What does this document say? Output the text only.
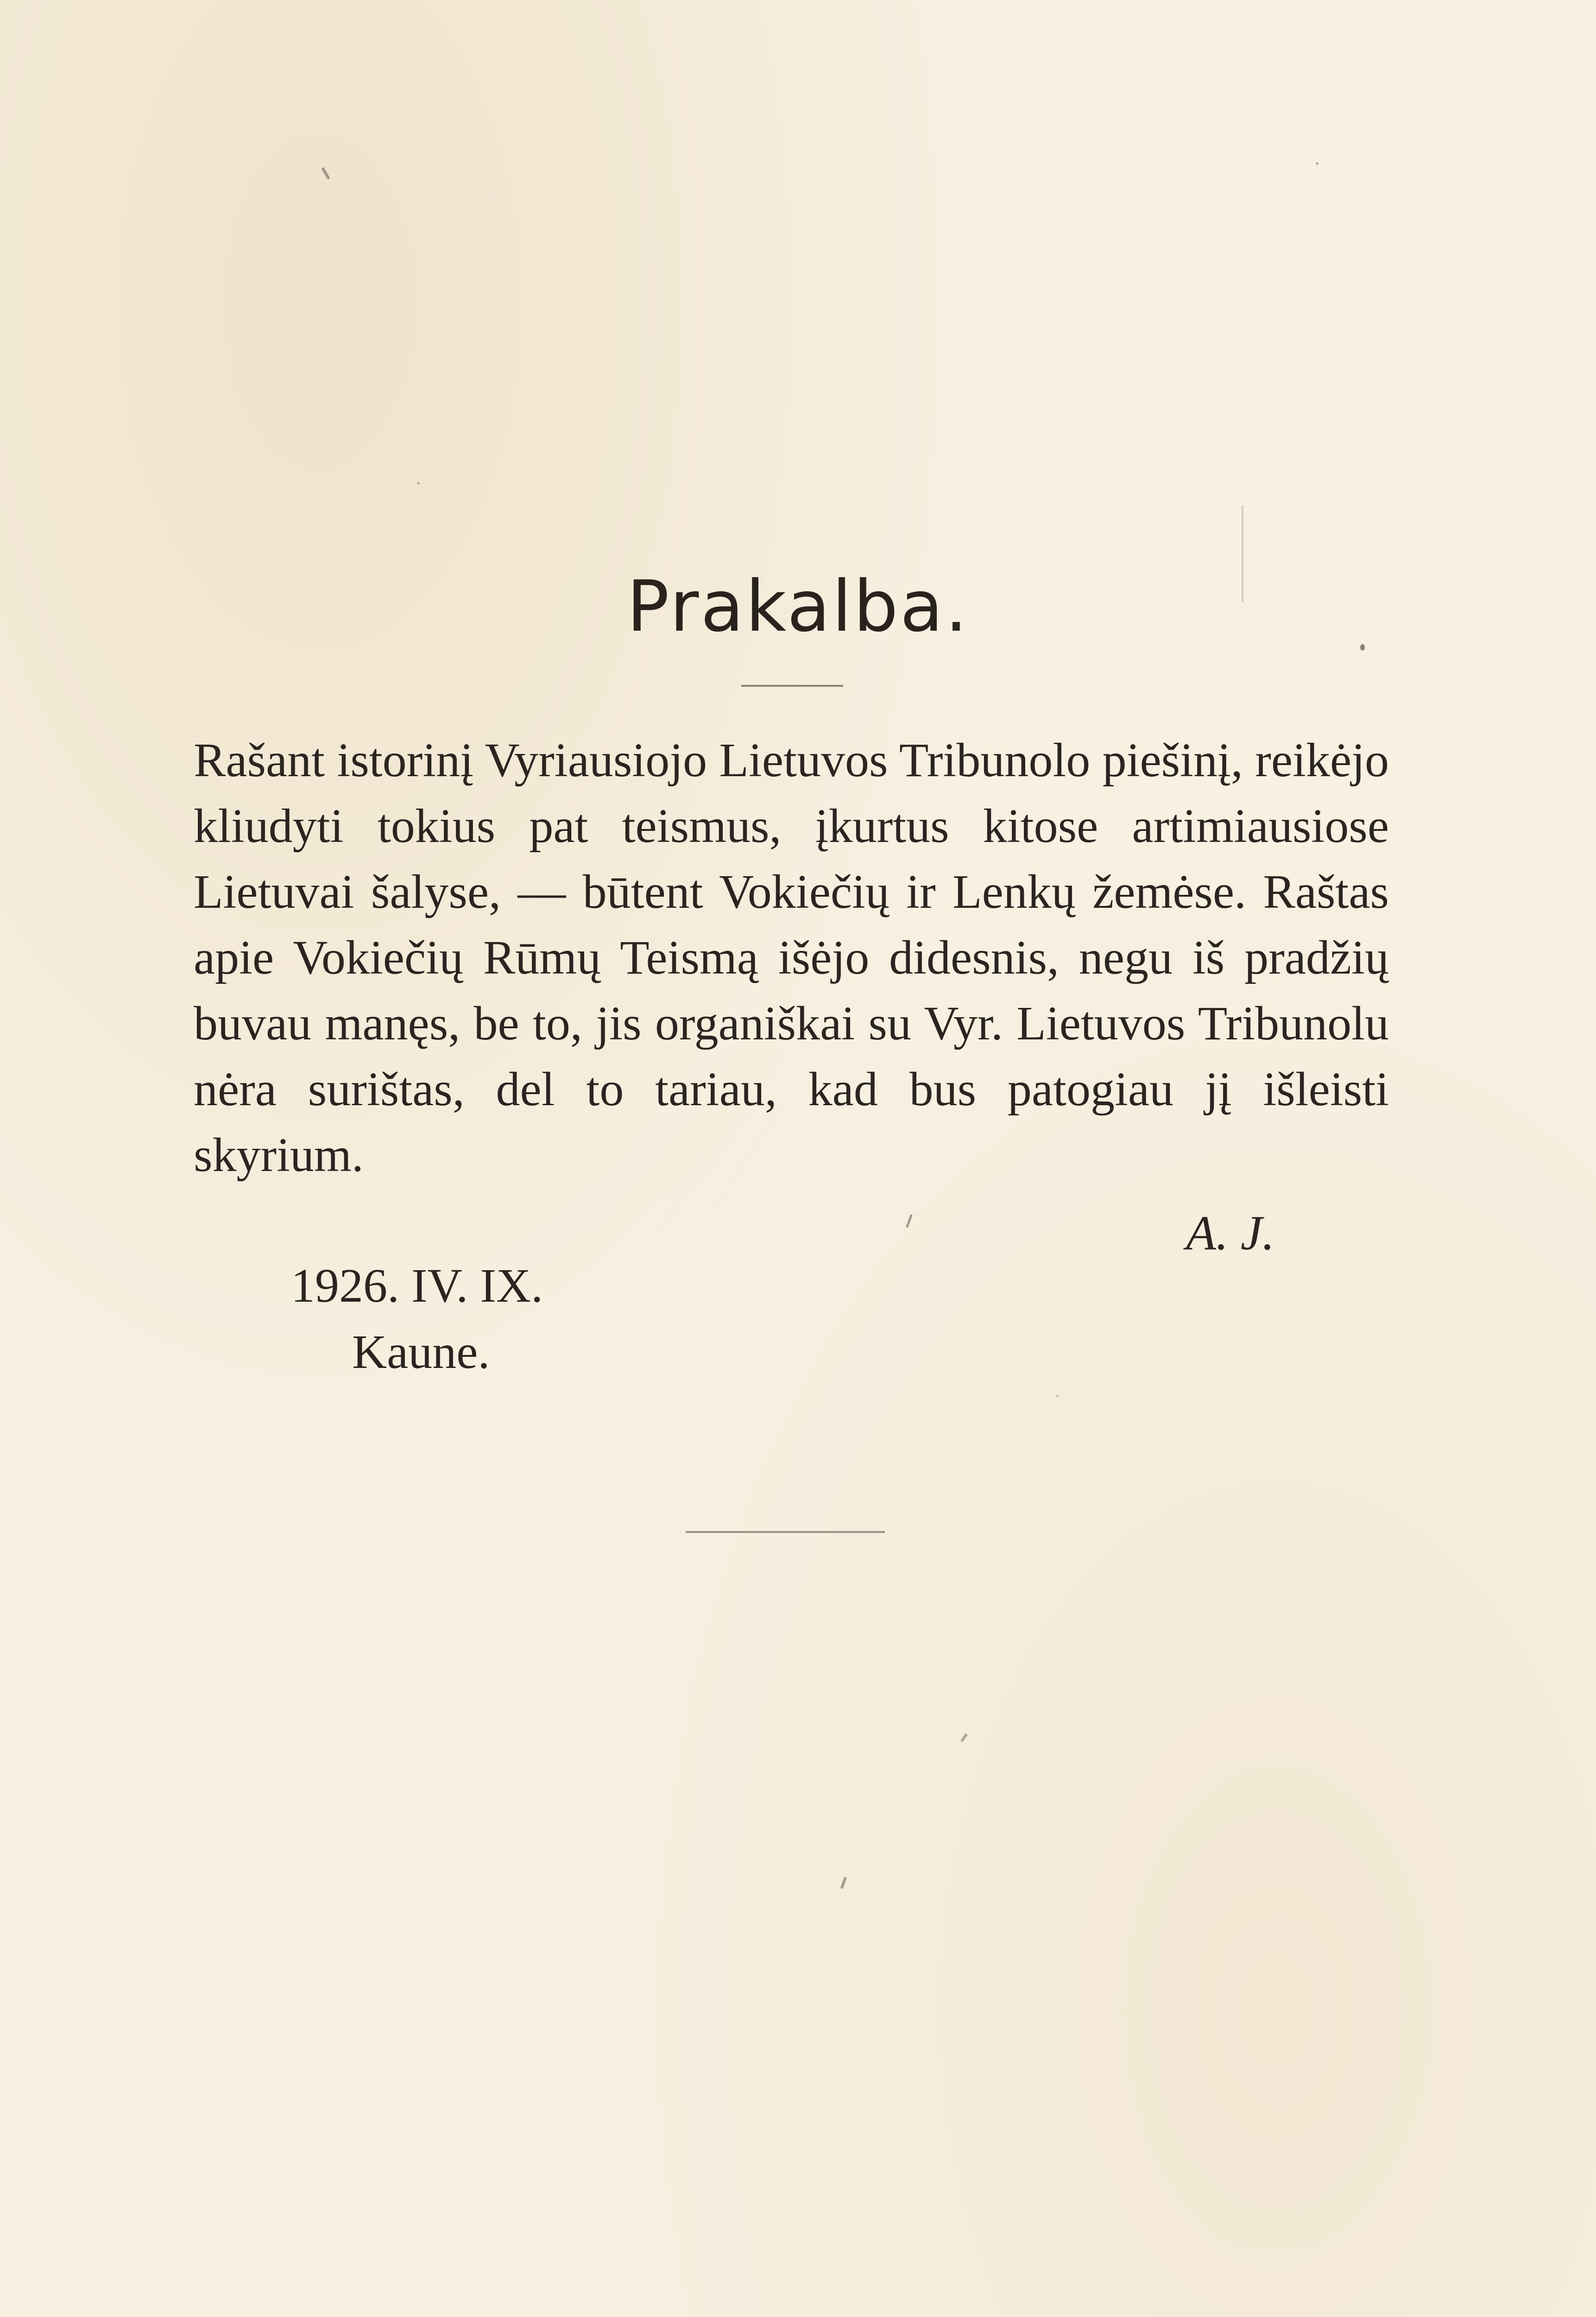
Prakalba.
Rašant istorinį Vyriausiojo Lietuvos Tribunolo piešinį, reikėjo kliudyti tokius pat teismus, įkurtus kitose artimiausiose Lietuvai šalyse, — būtent Vokiečių ir Lenkų žemėse. Raštas apie Vokiečių Rūmų Teismą išėjo didesnis, negu iš pradžių buvau manęs, be to, jis organiškai su Vyr. Lietuvos Tribunolu nėra surištas, del to tariau, kad bus patogiau jį išleisti skyrium.
A. J.
1926. IV. IX.
Kaune.
